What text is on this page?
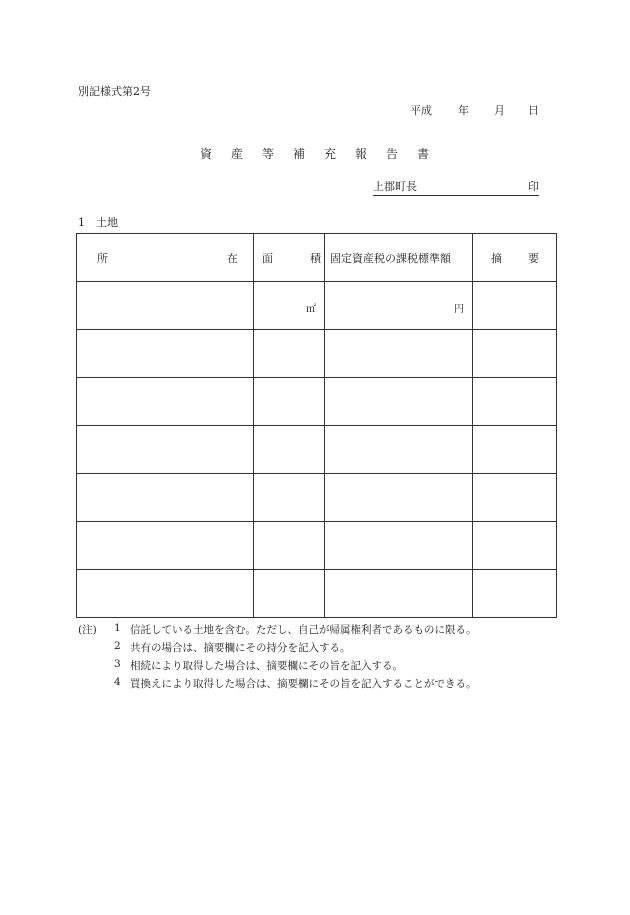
別記様式第2号
平成 年 月 日
資 産 等 補 充 報 告 書
上郡町長	印
1　土地
所 在	面 積	固定資産税の課税標準額	摘 要

	㎡	円	

(注) 1 信託している土地を含む。ただし、自己が帰属権利者であるものに限る。
2 共有の場合は、摘要欄にその持分を記入する。
3 相続により取得した場合は、摘要欄にその旨を記入する。
4 買換えにより取得した場合は、摘要欄にその旨を記入することができる。
